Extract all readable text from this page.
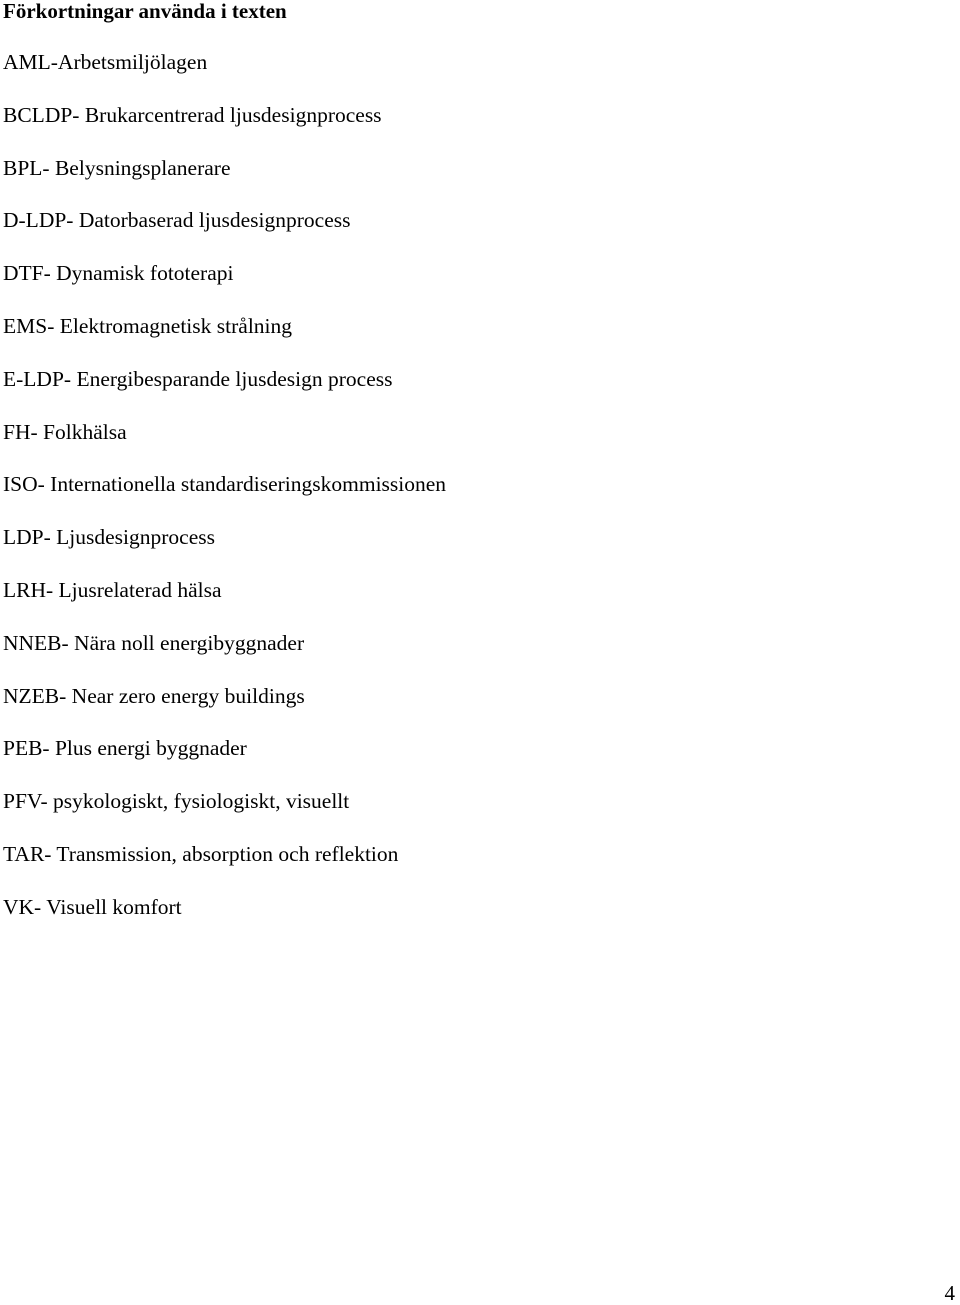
Förkortningar använda i texten
AML-Arbetsmiljölagen
BCLDP- Brukarcentrerad ljusdesignprocess
BPL- Belysningsplanerare
D-LDP- Datorbaserad ljusdesignprocess
DTF- Dynamisk fototerapi
EMS- Elektromagnetisk strålning
E-LDP- Energibesparande ljusdesign process
FH- Folkhälsa
ISO- Internationella standardiseringskommissionen
LDP- Ljusdesignprocess
LRH- Ljusrelaterad hälsa
NNEB- Nära noll energibyggnader
NZEB- Near zero energy buildings
PEB- Plus energi byggnader
PFV- psykologiskt, fysiologiskt, visuellt
TAR- Transmission, absorption och reflektion
VK- Visuell komfort
4
